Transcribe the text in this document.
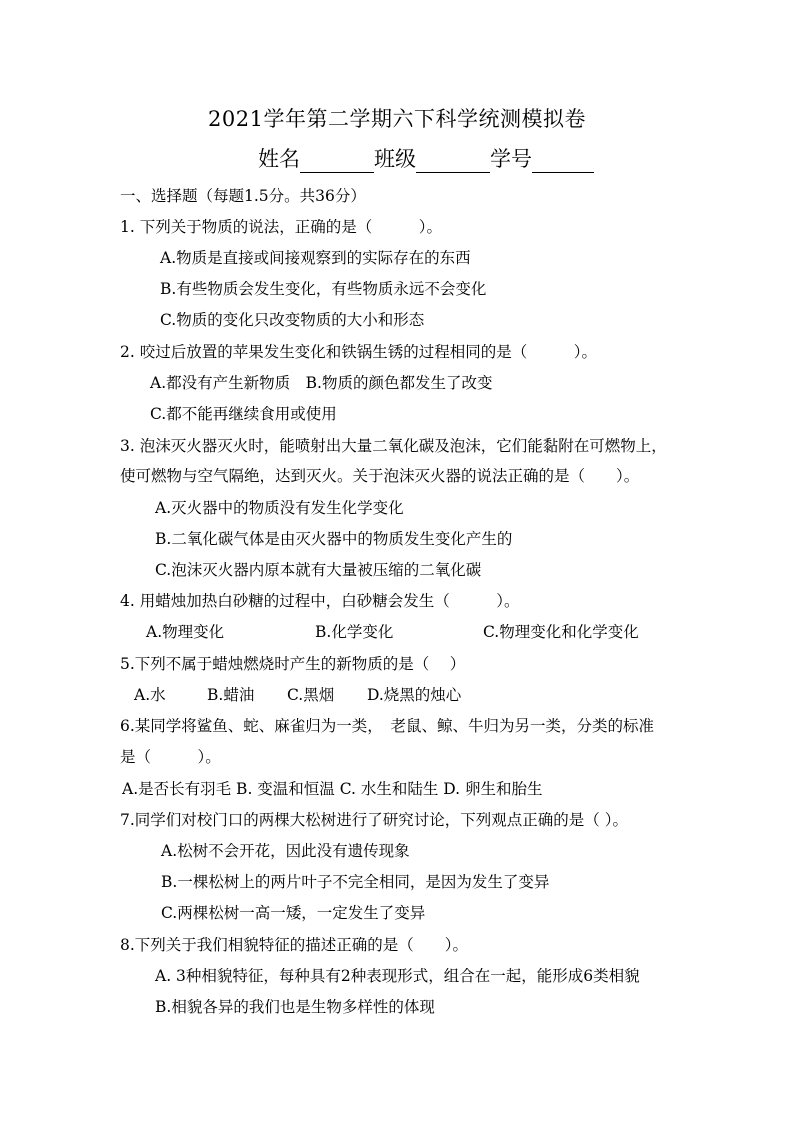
2021学年第二学期六下科学统测模拟卷
姓名	班级	学号
一、选择题（每题1.5分。共36分）
1. 下列关于物质的说法，正确的是（　　　）。
A.物质是直接或间接观察到的实际存在的东西
B.有些物质会发生变化，有些物质永远不会变化
C.物质的变化只改变物质的大小和形态
2. 咬过后放置的苹果发生变化和铁锅生锈的过程相同的是（　　　）。
A.都没有产生新物质　B.物质的颜色都发生了改变
C.都不能再继续食用或使用
3. 泡沫灭火器灭火时，能喷射出大量二氧化碳及泡沫，它们能黏附在可燃物上，
使可燃物与空气隔绝，达到灭火。关于泡沫灭火器的说法正确的是（　　）。
A.灭火器中的物质没有发生化学变化
B.二氧化碳气体是由灭火器中的物质发生变化产生的
C.泡沫灭火器内原本就有大量被压缩的二氧化碳
4. 用蜡烛加热白砂糖的过程中，白砂糖会发生（　　　）。
A.物理变化	B.化学变化	C.物理变化和化学变化
5.下列不属于蜡烛燃烧时产生的新物质的是（　 ）
A.水	B.蜡油 C.黑烟 D.烧黑的烛心
6.某同学将鲨鱼、蛇、麻雀归为一类，　老鼠、鲸、牛归为另一类，分类的标准
是（　　　）。
A.是否长有羽毛 B. 变温和恒温 C. 水生和陆生 D. 卵生和胎生
7.同学们对校门口的两棵大松树进行了研究讨论，下列观点正确的是（ ）。
A.松树不会开花，因此没有遗传现象
B.一棵松树上的两片叶子不完全相同，是因为发生了变异
C.两棵松树一高一矮，一定发生了变异
8.下列关于我们相貌特征的描述正确的是（　　）。
A. 3种相貌特征，每种具有2种表现形式，组合在一起，能形成6类相貌
B.相貌各异的我们也是生物多样性的体现
